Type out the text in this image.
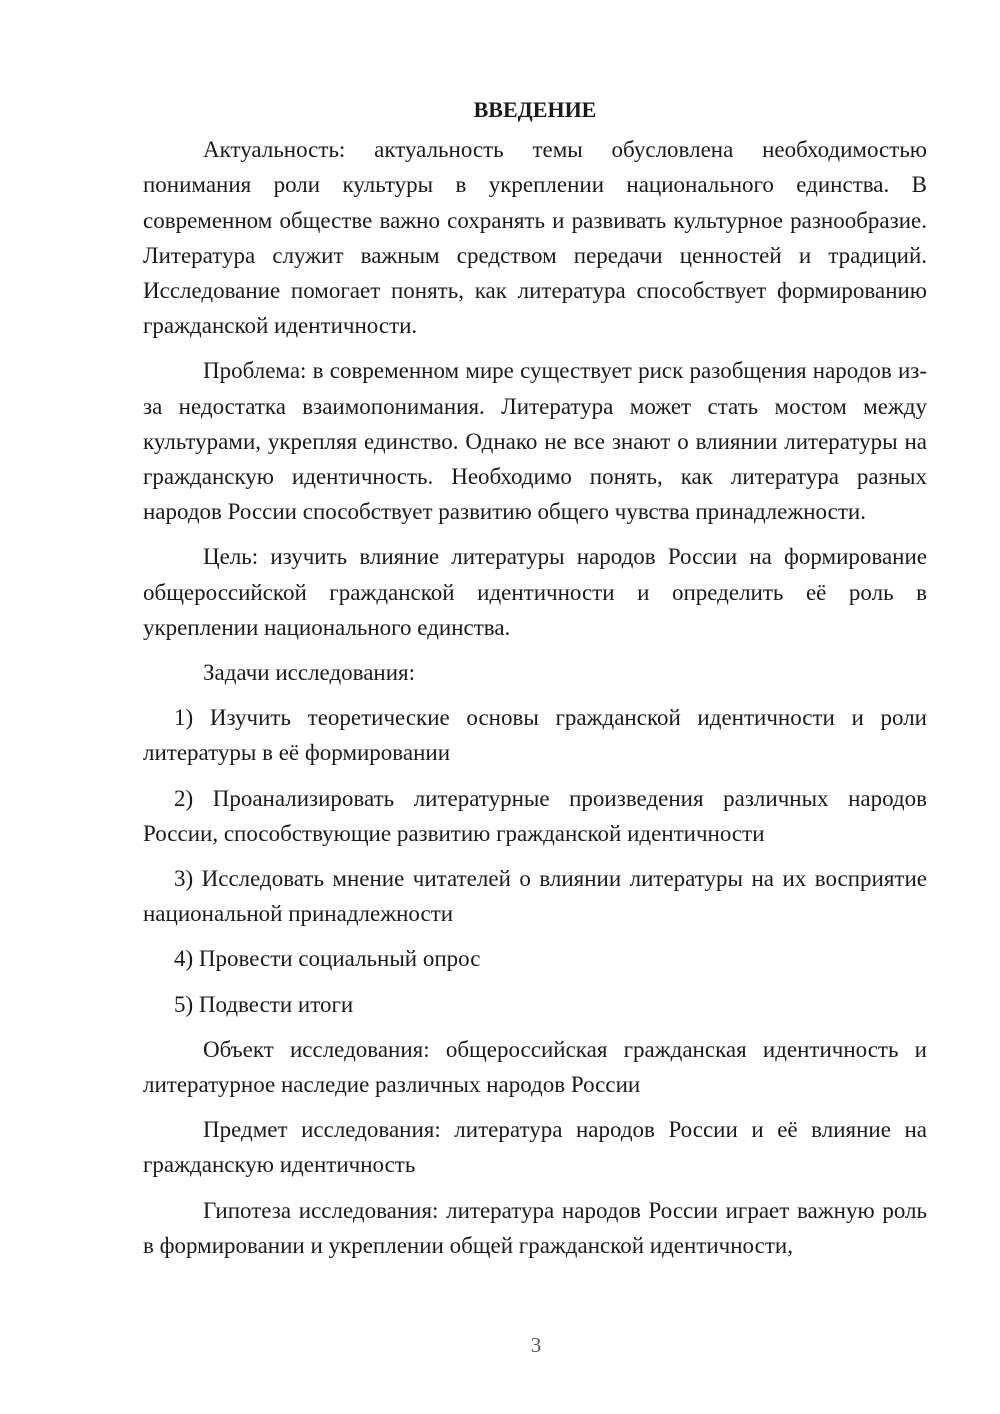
ВВЕДЕНИЕ

Актуальность: актуальность темы обусловлена необходимостью понимания роли культуры в укреплении национального единства. В современном обществе важно сохранять и развивать культурное разнообразие. Литература служит важным средством передачи ценностей и традиций. Исследование помогает понять, как литература способствует формированию гражданской идентичности.

Проблема: в современном мире существует риск разобщения народов из-за недостатка взаимопонимания. Литература может стать мостом между культурами, укрепляя единство. Однако не все знают о влиянии литературы на гражданскую идентичность. Необходимо понять, как литература разных народов России способствует развитию общего чувства принадлежности.

Цель: изучить влияние литературы народов России на формирование общероссийской гражданской идентичности и определить её роль в укреплении национального единства.

Задачи исследования:

1) Изучить теоретические основы гражданской идентичности и роли литературы в её формировании

2) Проанализировать литературные произведения различных народов России, способствующие развитию гражданской идентичности

3) Исследовать мнение читателей о влиянии литературы на их восприятие национальной принадлежности

4) Провести социальный опрос

5) Подвести итоги

Объект исследования: общероссийская гражданская идентичность и литературное наследие различных народов России

Предмет исследования: литература народов России и её влияние на гражданскую идентичность

Гипотеза исследования: литература народов России играет важную роль в формировании и укреплении общей гражданской идентичности,

3
